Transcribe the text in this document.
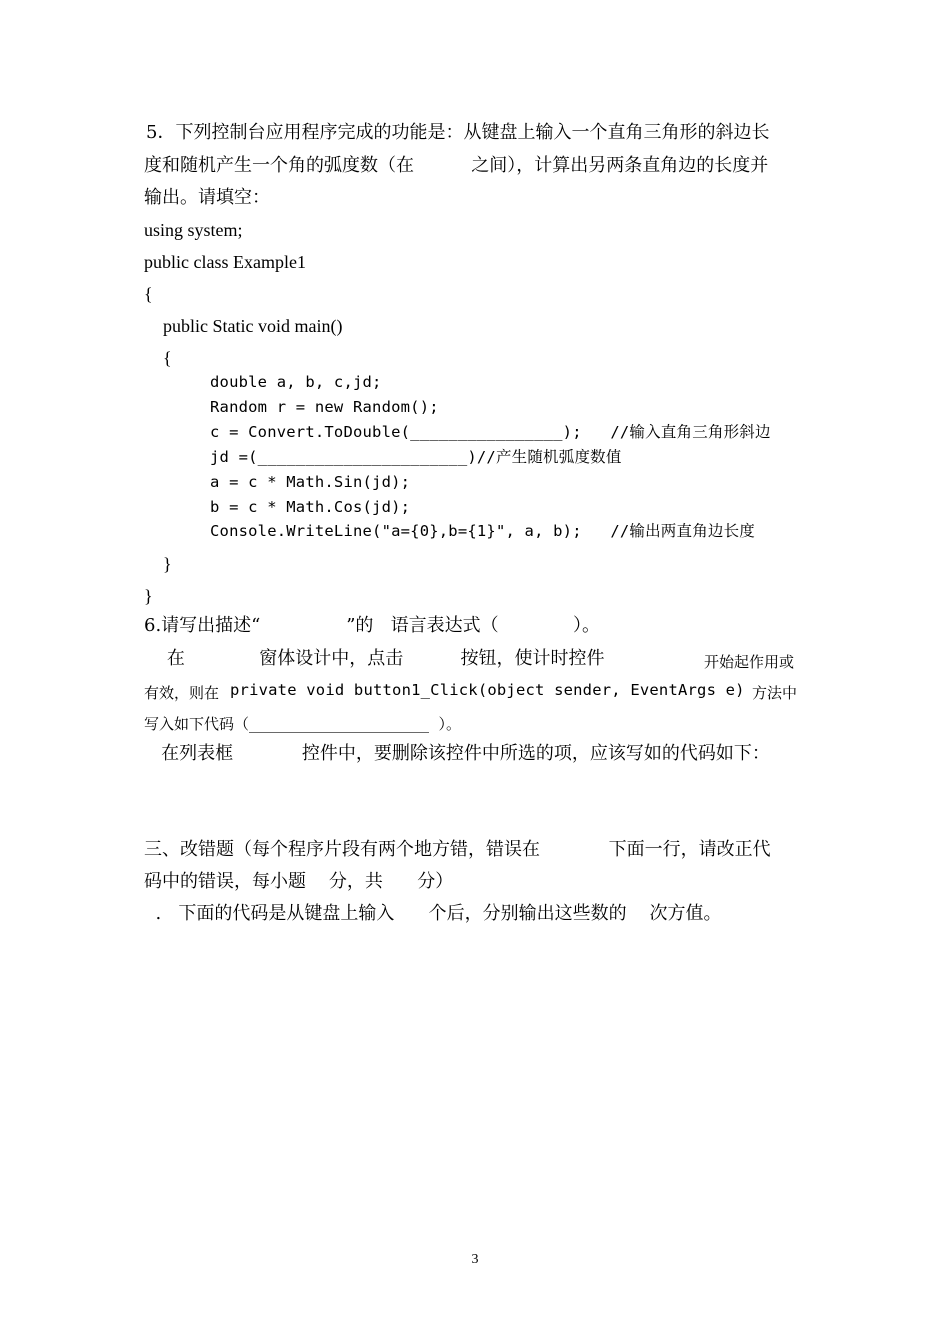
5．下列控制台应用程序完成的功能是：从键盘上输入一个直角三角形的斜边长
度和随机产生一个角的弧度数（在          之间），计算出另两条直角边的长度并
输出。请填空：
using system;
public class Example1
{
public Static void main()
{
double a, b, c,jd;
Random r = new Random();
c = Convert.ToDouble(________________);   //输入直角三角形斜边
jd =(______________________)//产生随机弧度数值
a = c * Math.Sin(jd);
b = c * Math.Cos(jd);
Console.WriteLine("a={0},b={1}", a, b);   //输出两直角边长度
}
}
6.请写出描述“               ”的   语言表达式（             ）。
在             窗体设计中，点击          按钮，使计时控件	开始起作用或
有效，则在 private void button1_Click(object sender, EventArgs e) 方法中
写入如下代码（________________________  ）。
在列表框            控件中，要删除该控件中所选的项，应该写如的代码如下：
三、改错题（每个程序片段有两个地方错，错误在            下面一行，请改正代
码中的错误，每小题    分，共      分）
.   下面的代码是从键盘上输入      个后，分别输出这些数的    次方值。
3
